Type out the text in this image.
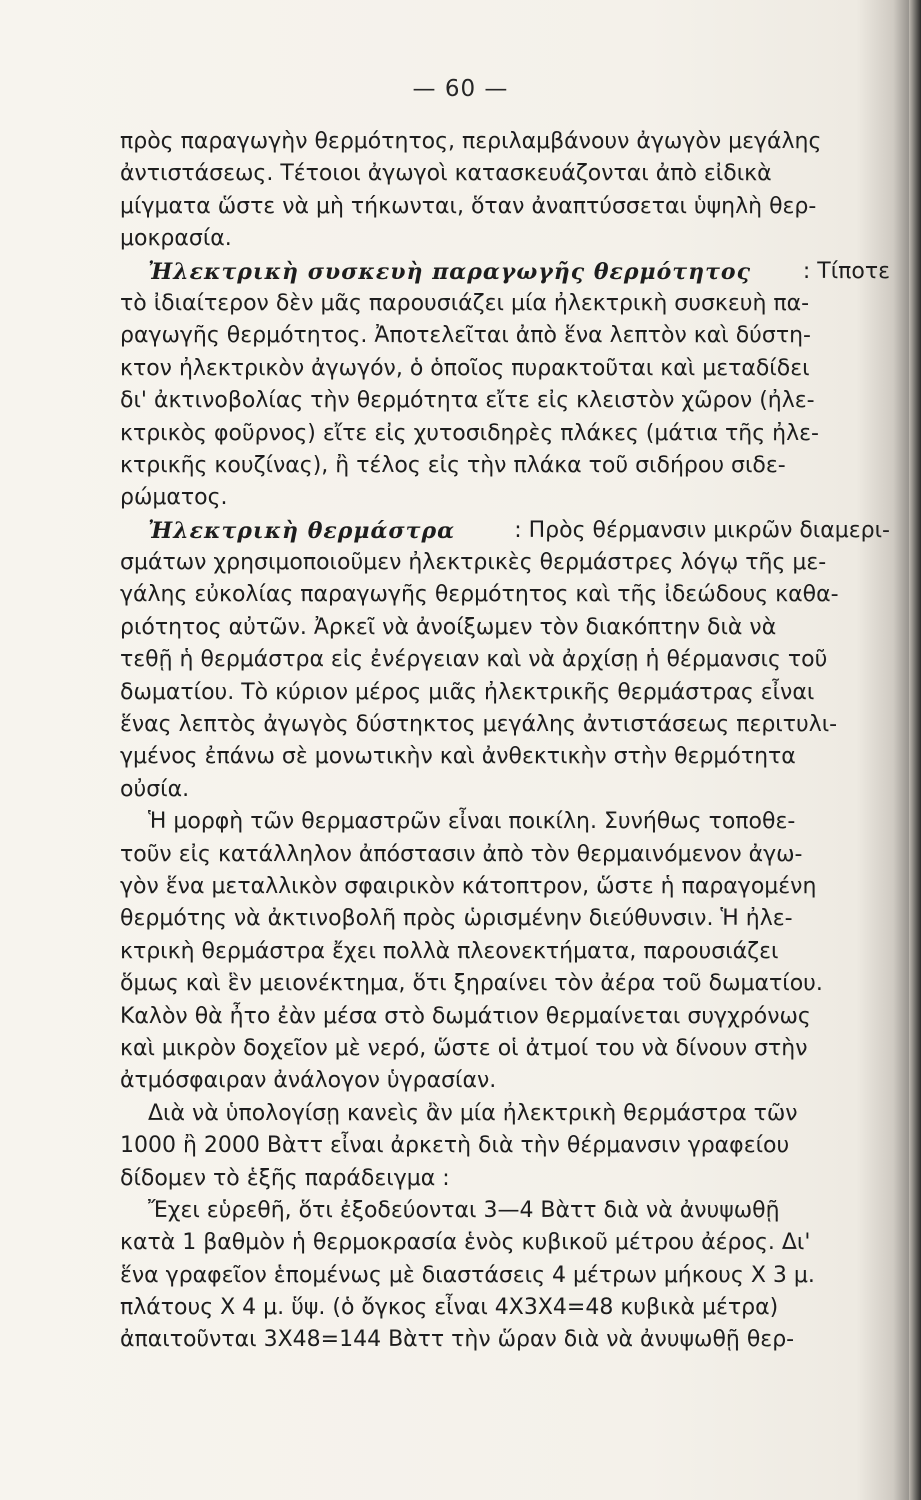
— 60 —
πρὸς παραγωγὴν θερμότητος, περιλαμβάνουν ἀγωγὸν μεγάλης
ἀντιστάσεως. Τέτοιοι ἀγωγοὶ κατασκευάζονται ἀπὸ εἰδικὰ
μίγματα ὥστε νὰ μὴ τήκωνται, ὅταν ἀναπτύσσεται ὑψηλὴ θερ-
μοκρασία.
Ἠλεκτρικὴ συσκευὴ παραγωγῆς θερμότητος : Τίποτε
τὸ ἰδιαίτερον δὲν μᾶς παρουσιάζει μία ἠλεκτρικὴ συσκευὴ πα-
ραγωγῆς θερμότητος. Ἀποτελεῖται ἀπὸ ἕνα λεπτὸν καὶ δύστη-
κτον ἠλεκτρικὸν ἀγωγόν, ὁ ὁποῖος πυρακτοῦται καὶ μεταδίδει
δι' ἀκτινοβολίας τὴν θερμότητα εἴτε εἰς κλειστὸν χῶρον (ἠλε-
κτρικὸς φοῦρνος) εἴτε εἰς χυτοσιδηρὲς πλάκες (μάτια τῆς ἠλε-
κτρικῆς κουζίνας), ἢ τέλος εἰς τὴν πλάκα τοῦ σιδήρου σιδε-
ρώματος.
Ἠλεκτρικὴ θερμάστρα	: Πρὸς θέρμανσιν μικρῶν διαμερι-
σμάτων χρησιμοποιοῦμεν ἠλεκτρικὲς θερμάστρες λόγῳ τῆς με-
γάλης εὐκολίας παραγωγῆς θερμότητος καὶ τῆς ἰδεώδους καθα-
ριότητος αὐτῶν. Ἀρκεῖ νὰ ἀνοίξωμεν τὸν διακόπτην διὰ νὰ
τεθῇ ἡ θερμάστρα εἰς ἐνέργειαν καὶ νὰ ἀρχίσῃ ἡ θέρμανσις τοῦ
δωματίου. Τὸ κύριον μέρος μιᾶς ἠλεκτρικῆς θερμάστρας εἶναι
ἕνας λεπτὸς ἀγωγὸς δύστηκτος μεγάλης ἀντιστάσεως περιτυλι-
γμένος ἐπάνω σὲ μονωτικὴν καὶ ἀνθεκτικὴν στὴν θερμότητα
οὐσία.
Ἡ μορφὴ τῶν θερμαστρῶν εἶναι ποικίλη. Συνήθως τοποθε-
τοῦν εἰς κατάλληλον ἀπόστασιν ἀπὸ τὸν θερμαινόμενον ἀγω-
γὸν ἕνα μεταλλικὸν σφαιρικὸν κάτοπτρον, ὥστε ἡ παραγομένη
θερμότης νὰ ἀκτινοβολῆ πρὸς ὡρισμένην διεύθυνσιν. Ἡ ἠλε-
κτρικὴ θερμάστρα ἔχει πολλὰ πλεονεκτήματα, παρουσιάζει
ὅμως καὶ ἓν μειονέκτημα, ὅτι ξηραίνει τὸν ἀέρα τοῦ δωματίου.
Καλὸν θὰ ἦτο ἐὰν μέσα στὸ δωμάτιον θερμαίνεται συγχρόνως
καὶ μικρὸν δοχεῖον μὲ νερό, ὥστε οἱ ἀτμοί του νὰ δίνουν στὴν
ἀτμόσφαιραν ἀνάλογον ὑγρασίαν.
Διὰ νὰ ὑπολογίσῃ κανεὶς ἂν μία ἠλεκτρικὴ θερμάστρα τῶν
1000 ἢ 2000 Βὰττ εἶναι ἀρκετὴ διὰ τὴν θέρμανσιν γραφείου
δίδομεν τὸ ἑξῆς παράδειγμα :
Ἔχει εὑρεθῆ, ὅτι ἐξοδεύονται 3—4 Βὰττ διὰ νὰ ἀνυψωθῇ
κατὰ 1 βαθμὸν ἡ θερμοκρασία ἑνὸς κυβικοῦ μέτρου ἀέρος. Δι'
ἕνα γραφεῖον ἑπομένως μὲ διαστάσεις 4 μέτρων μήκους X 3 μ.
πλάτους X 4 μ. ὕψ. (ὁ ὄγκος εἶναι 4X3X4=48 κυβικὰ μέτρα)
ἀπαιτοῦνται 3X48=144 Βὰττ τὴν ὥραν διὰ νὰ ἀνυψωθῇ θερ-
